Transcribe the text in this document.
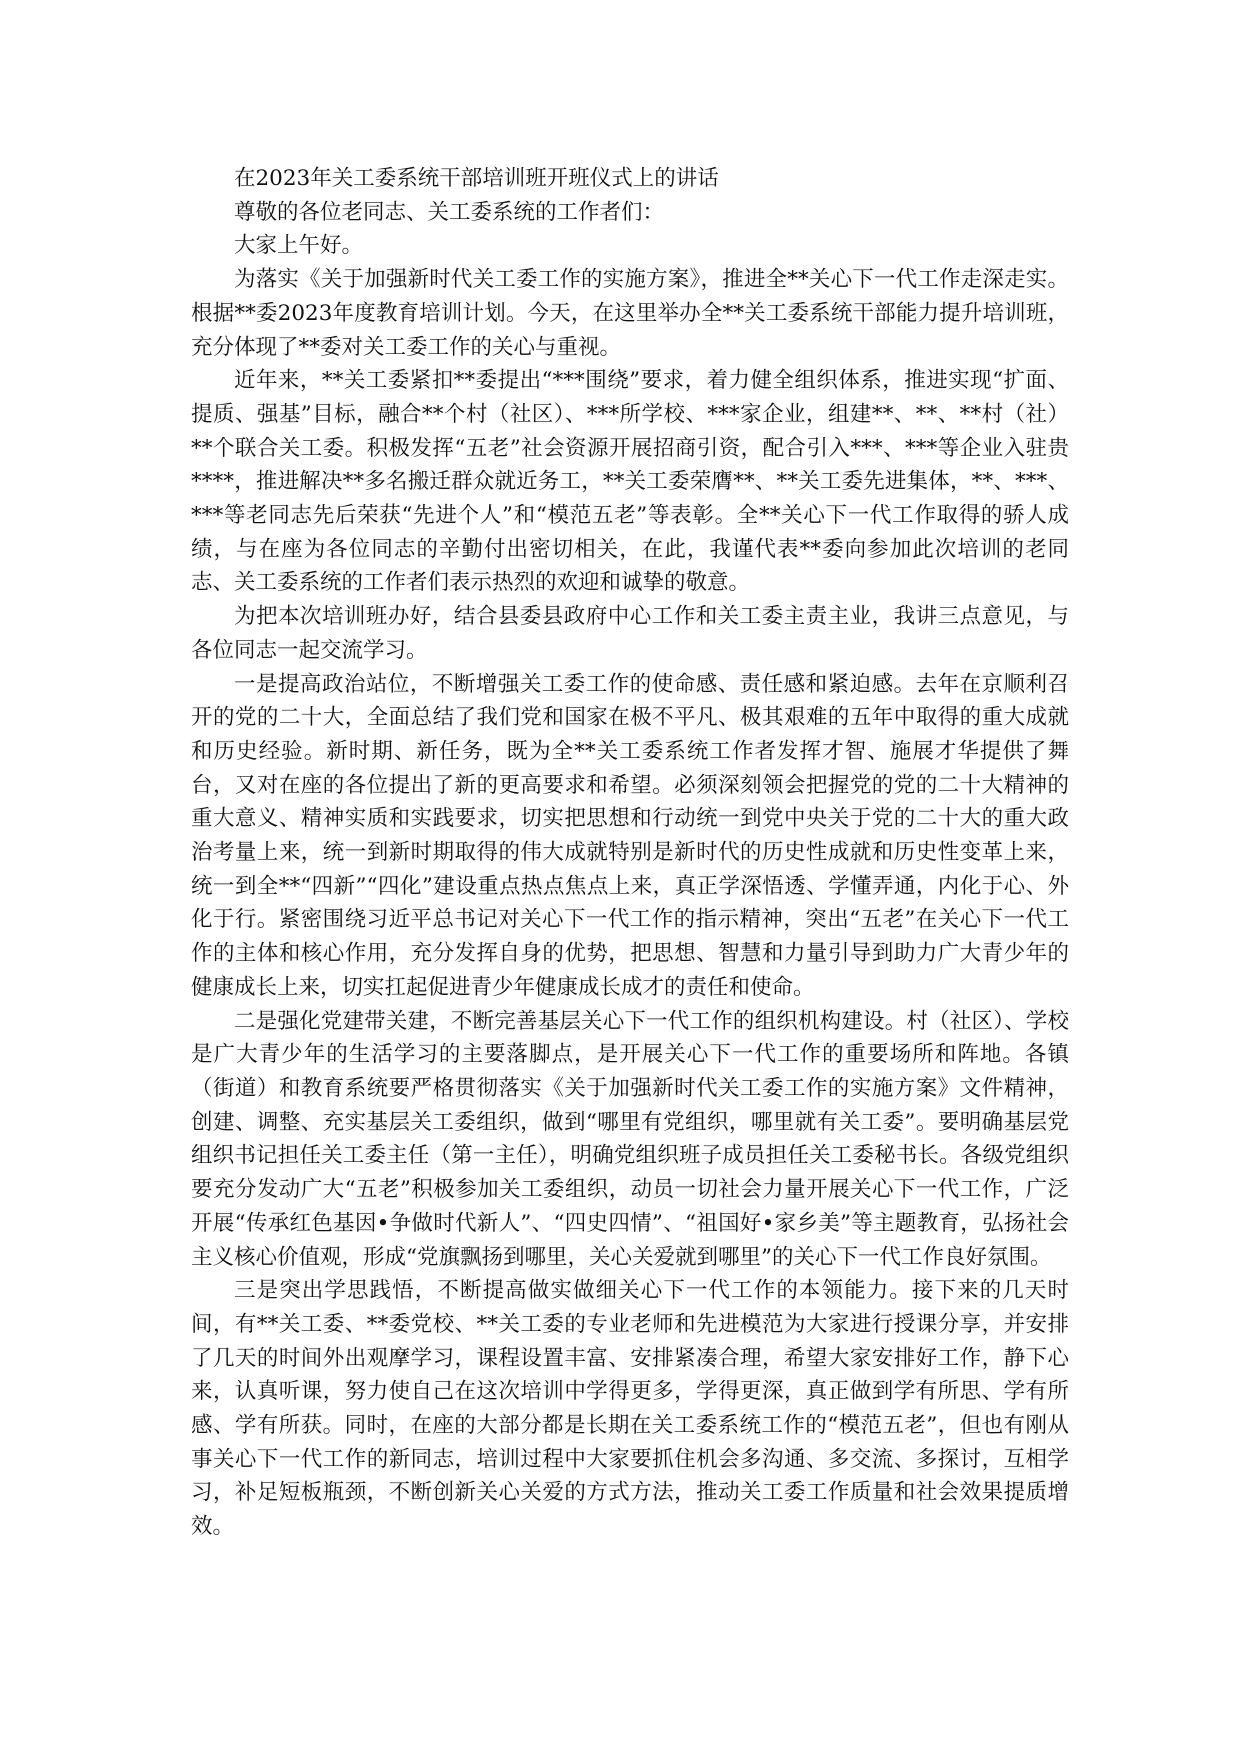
在2023年关工委系统干部培训班开班仪式上的讲话

尊敬的各位老同志、关工委系统的工作者们：

大家上午好。

为落实《关于加强新时代关工委工作的实施方案》，推进全**关心下一代工作走深走实。根据**委2023年度教育培训计划。今天，在这里举办全**关工委系统干部能力提升培训班，充分体现了**委对关工委工作的关心与重视。

近年来，**关工委紧扣**委提出“***围绕”要求，着力健全组织体系，推进实现“扩面、提质、强基”目标，融合**个村（社区）、***所学校、***家企业，组建**、**、**村（社）**个联合关工委。积极发挥“五老”社会资源开展招商引资，配合引入***、***等企业入驻贵****，推进解决**多名搬迁群众就近务工，**关工委荣膺**、**关工委先进集体，**、***、***等老同志先后荣获“先进个人”和“模范五老”等表彰。全**关心下一代工作取得的骄人成绩，与在座为各位同志的辛勤付出密切相关，在此，我谨代表**委向参加此次培训的老同志、关工委系统的工作者们表示热烈的欢迎和诚挚的敬意。

为把本次培训班办好，结合县委县政府中心工作和关工委主责主业，我讲三点意见，与各位同志一起交流学习。

一是提高政治站位，不断增强关工委工作的使命感、责任感和紧迫感。去年在京顺利召开的党的二十大，全面总结了我们党和国家在极不平凡、极其艰难的五年中取得的重大成就和历史经验。新时期、新任务，既为全**关工委系统工作者发挥才智、施展才华提供了舞台，又对在座的各位提出了新的更高要求和希望。必须深刻领会把握党的党的二十大精神的重大意义、精神实质和实践要求，切实把思想和行动统一到党中央关于党的二十大的重大政治考量上来，统一到新时期取得的伟大成就特别是新时代的历史性成就和历史性变革上来，统一到全**“四新”“四化”建设重点热点焦点上来，真正学深悟透、学懂弄通，内化于心、外化于行。紧密围绕习近平总书记对关心下一代工作的指示精神，突出“五老”在关心下一代工作的主体和核心作用，充分发挥自身的优势，把思想、智慧和力量引导到助力广大青少年的健康成长上来，切实扛起促进青少年健康成长成才的责任和使命。

二是强化党建带关建，不断完善基层关心下一代工作的组织机构建设。村（社区）、学校是广大青少年的生活学习的主要落脚点，是开展关心下一代工作的重要场所和阵地。各镇（街道）和教育系统要严格贯彻落实《关于加强新时代关工委工作的实施方案》文件精神，创建、调整、充实基层关工委组织，做到“哪里有党组织，哪里就有关工委”。要明确基层党组织书记担任关工委主任（第一主任），明确党组织班子成员担任关工委秘书长。各级党组织要充分发动广大“五老”积极参加关工委组织，动员一切社会力量开展关心下一代工作，广泛开展“传承红色基因•争做时代新人”、“四史四情”、“祖国好•家乡美”等主题教育，弘扬社会主义核心价值观，形成“党旗飘扬到哪里，关心关爱就到哪里”的关心下一代工作良好氛围。

三是突出学思践悟，不断提高做实做细关心下一代工作的本领能力。接下来的几天时间，有**关工委、**委党校、**关工委的专业老师和先进模范为大家进行授课分享，并安排了几天的时间外出观摩学习，课程设置丰富、安排紧凑合理，希望大家安排好工作，静下心来，认真听课，努力使自己在这次培训中学得更多，学得更深，真正做到学有所思、学有所感、学有所获。同时，在座的大部分都是长期在关工委系统工作的“模范五老”，但也有刚从事关心下一代工作的新同志，培训过程中大家要抓住机会多沟通、多交流、多探讨，互相学习，补足短板瓶颈，不断创新关心关爱的方式方法，推动关工委工作质量和社会效果提质增效。
